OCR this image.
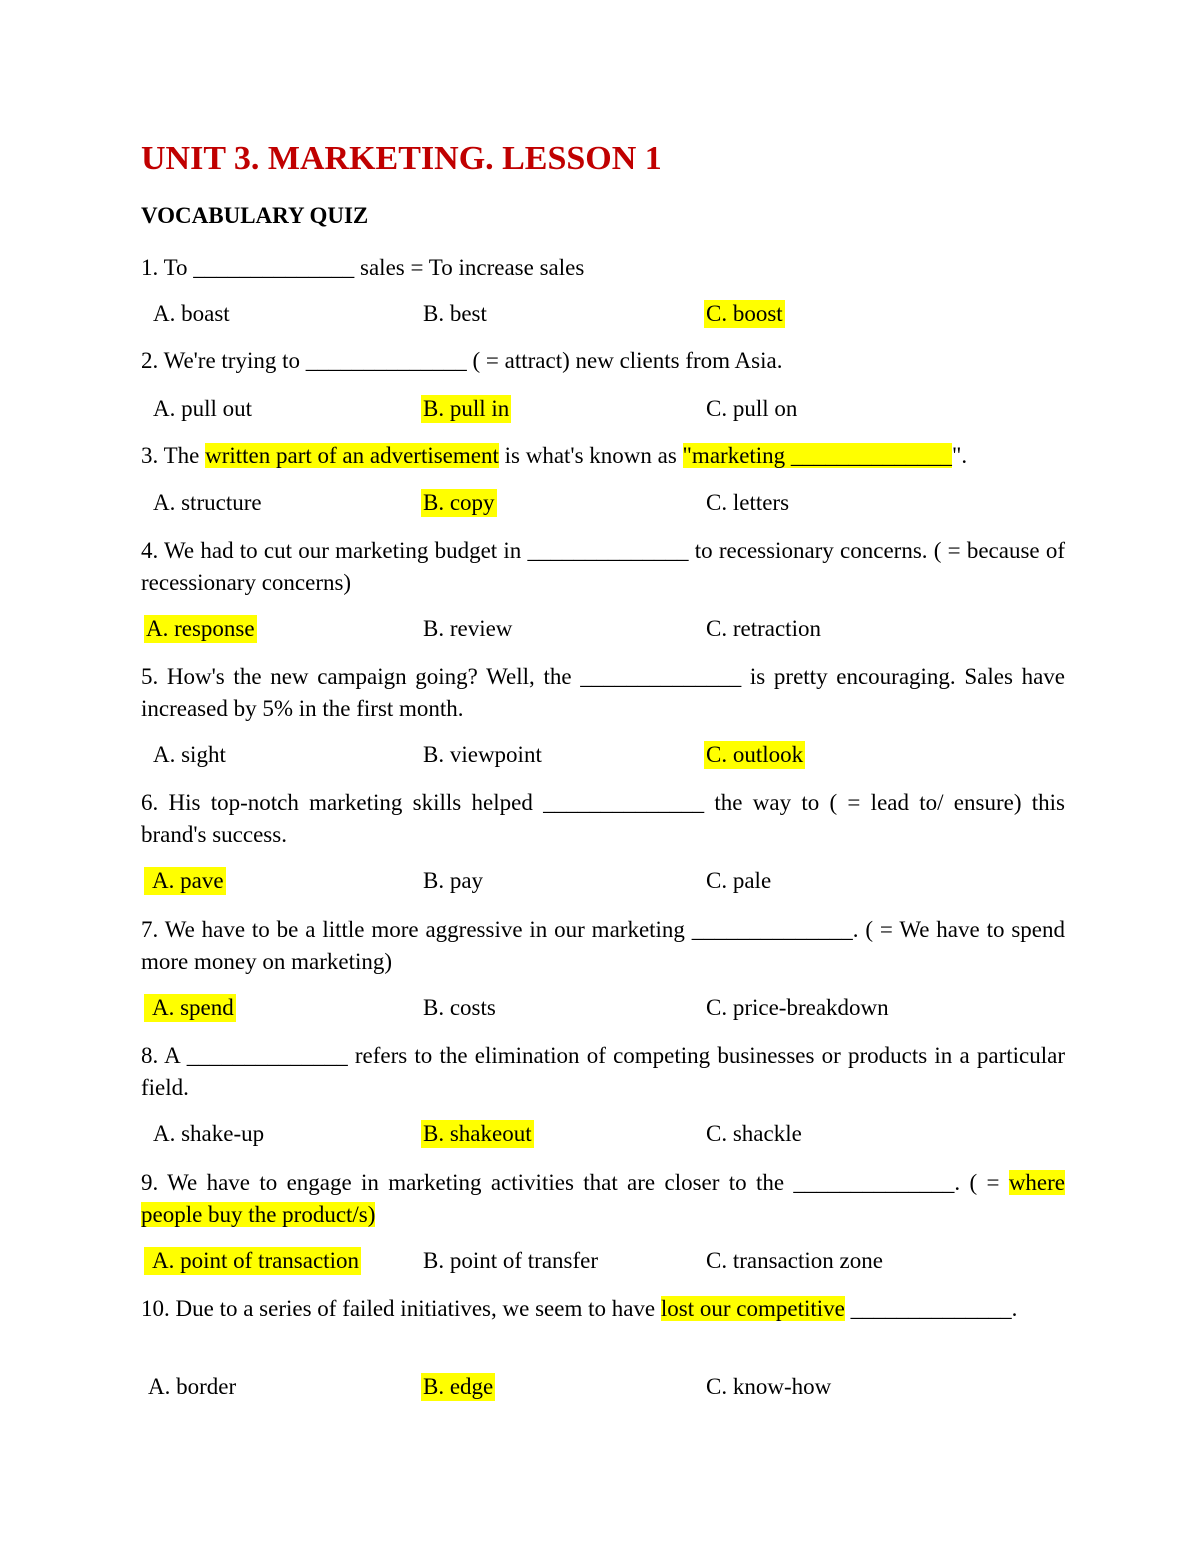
UNIT 3. MARKETING. LESSON 1
VOCABULARY QUIZ

1. To ______________ sales = To increase sales

A. boast	B. best	C. boost

2. We're trying to ______________ ( = attract) new clients from Asia.

A. pull out	B. pull in	C. pull on

3. The written part of an advertisement is what's known as "marketing ______________".

A. structure	B. copy	C. letters

4. We had to cut our marketing budget in ______________ to recessionary concerns. ( = because of recessionary concerns)

A. response	B. review	C. retraction

5. How's the new campaign going? Well, the ______________ is pretty encouraging. Sales have increased by 5% in the first month.

A. sight	B. viewpoint	C. outlook

6. His top-notch marketing skills helped ______________ the way to ( = lead to/ ensure) this brand's success.

A. pave	B. pay	C. pale

7. We have to be a little more aggressive in our marketing ______________. ( = We have to spend more money on marketing)

A. spend	B. costs	C. price-breakdown

8. A ______________ refers to the elimination of competing businesses or products in a particular field.

A. shake-up	B. shakeout	C. shackle

9. We have to engage in marketing activities that are closer to the ______________. ( = where people buy the product/s)

A. point of transaction	B. point of transfer	C. transaction zone

10. Due to a series of failed initiatives, we seem to have lost our competitive ______________.

A. border	B. edge	C. know-how
